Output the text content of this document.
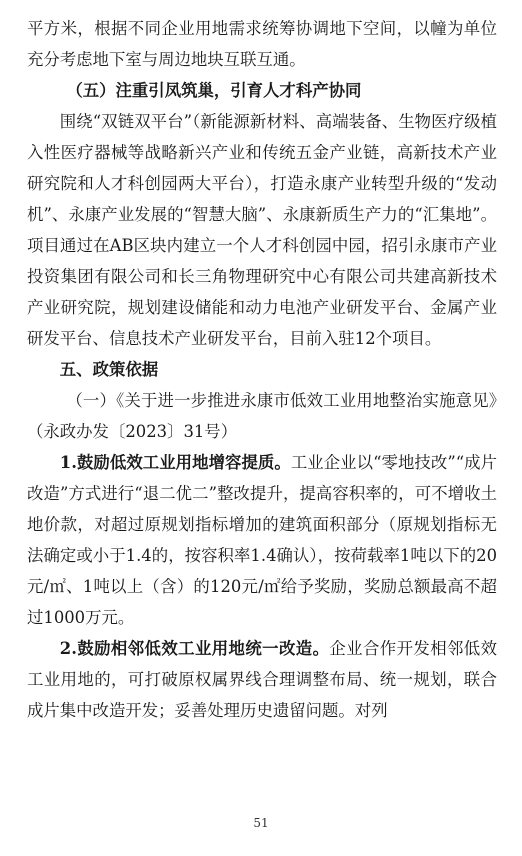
平方米，根据不同企业用地需求统筹协调地下空间，以幢为单位充分考虑地下室与周边地块互联互通。

（五）注重引凤筑巢，引育人才科产协同

围绕“双链双平台”（新能源新材料、高端装备、生物医疗级植入性医疗器械等战略新兴产业和传统五金产业链，高新技术产业研究院和人才科创园两大平台），打造永康产业转型升级的“发动机”、永康产业发展的“智慧大脑”、永康新质生产力的“汇集地”。项目通过在AB区块内建立一个人才科创园中园，招引永康市产业投资集团有限公司和长三角物理研究中心有限公司共建高新技术产业研究院，规划建设储能和动力电池产业研发平台、金属产业研发平台、信息技术产业研发平台，目前入驻12个项目。

五、政策依据

（一）《关于进一步推进永康市低效工业用地整治实施意见》（永政办发〔2023〕31号）

1.鼓励低效工业用地增容提质。工业企业以“零地技改”“成片改造”方式进行“退二优二”整改提升，提高容积率的，可不增收土地价款，对超过原规划指标增加的建筑面积部分（原规划指标无法确定或小于1.4的，按容积率1.4确认），按荷载率1吨以下的20元/㎡、1吨以上（含）的120元/㎡给予奖励，奖励总额最高不超过1000万元。

2.鼓励相邻低效工业用地统一改造。企业合作开发相邻低效工业用地的，可打破原权属界线合理调整布局、统一规划，联合成片集中改造开发；妥善处理历史遗留问题。对列

51
